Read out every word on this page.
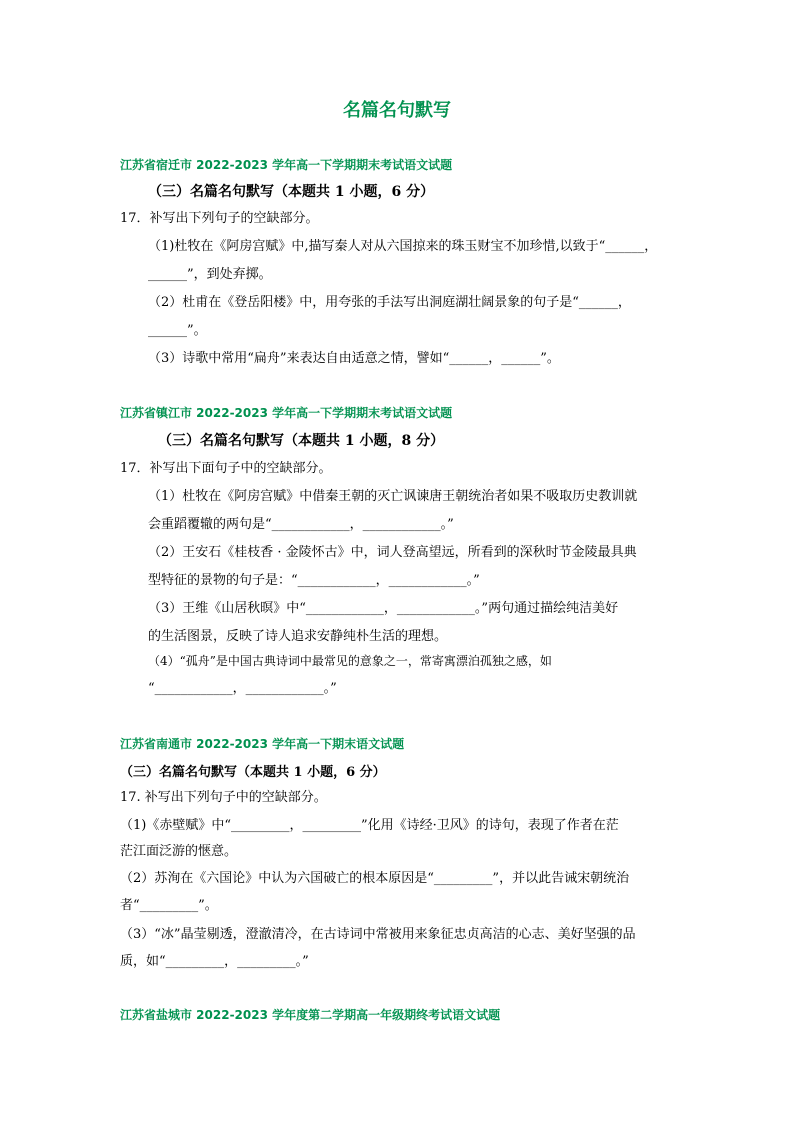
名篇名句默写
江苏省宿迁市 2022-2023 学年高一下学期期末考试语文试题
（三）名篇名句默写（本题共 1 小题，6 分）
17．补写出下列句子的空缺部分。
（1)杜牧在《阿房宫赋》中,描写秦人对从六国掠来的珠玉财宝不加珍惜,以致于“______，
______”，到处弃掷。
（2）杜甫在《登岳阳楼》中，用夸张的手法写出洞庭湖壮阔景象的句子是“______，
______”。
（3）诗歌中常用“扁舟”来表达自由适意之情，譬如“______，______”。
江苏省镇江市 2022-2023 学年高一下学期期末考试语文试题
（三）名篇名句默写（本题共 1 小题，8 分）
17．补写出下面句子中的空缺部分。
（1）杜牧在《阿房宫赋》中借秦王朝的灭亡讽谏唐王朝统治者如果不吸取历史教训就
会重蹈覆辙的两句是“____________，____________。”
（2）王安石《桂枝香 · 金陵怀古》中，词人登高望远，所看到的深秋时节金陵最具典
型特征的景物的句子是：“____________，____________。”
（3）王维《山居秋暝》中“____________，____________。”两句通过描绘纯洁美好
的生活图景，反映了诗人追求安静纯朴生活的理想。
（4）“孤舟”是中国古典诗词中最常见的意象之一，常寄寓漂泊孤独之感，如
“____________，____________。”
江苏省南通市 2022-2023 学年高一下期末语文试题
（三）名篇名句默写（本题共 1 小题，6 分）
17. 补写出下列句子中的空缺部分。
（1)《赤壁赋》中“_________，_________”化用《诗经·卫风》的诗句，表现了作者在茫
茫江面泛游的惬意。
（2）苏洵在《六国论》中认为六国破亡的根本原因是“_________”，并以此告诫宋朝统治
者“_________”。
（3）“冰”晶莹剔透，澄澈清冷，在古诗词中常被用来象征忠贞高洁的心志、美好坚强的品
质，如“_________，_________。”
江苏省盐城市 2022-2023 学年度第二学期高一年级期终考试语文试题
